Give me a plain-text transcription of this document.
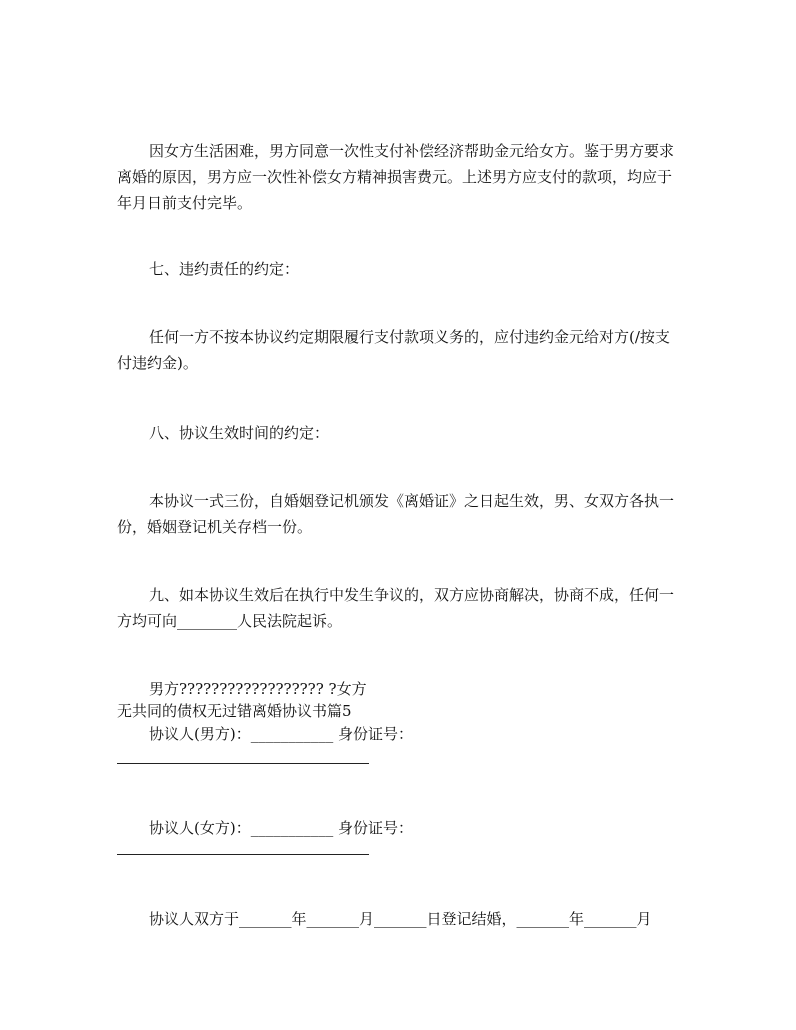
因女方生活困难，男方同意一次性支付补偿经济帮助金元给女方。鉴于男方要求离婚的原因，男方应一次性补偿女方精神损害费元。上述男方应支付的款项，均应于年月日前支付完毕。

七、违约责任的约定：

任何一方不按本协议约定期限履行支付款项义务的，应付违约金元给对方(/按支付违约金)。

八、协议生效时间的约定：

本协议一式三份，自婚姻登记机颁发《离婚证》之日起生效，男、女双方各执一份，婚姻登记机关存档一份。

九、如本协议生效后在执行中发生争议的，双方应协商解决，协商不成，任何一方均可向________人民法院起诉。

男方?????????????????? ?女方

无共同的债权无过错离婚协议书篇5

协议人(男方)：___________ 身份证号：

协议人(女方)：___________ 身份证号：

协议人双方于_______年_______月_______日登记结婚，_______年_______月
